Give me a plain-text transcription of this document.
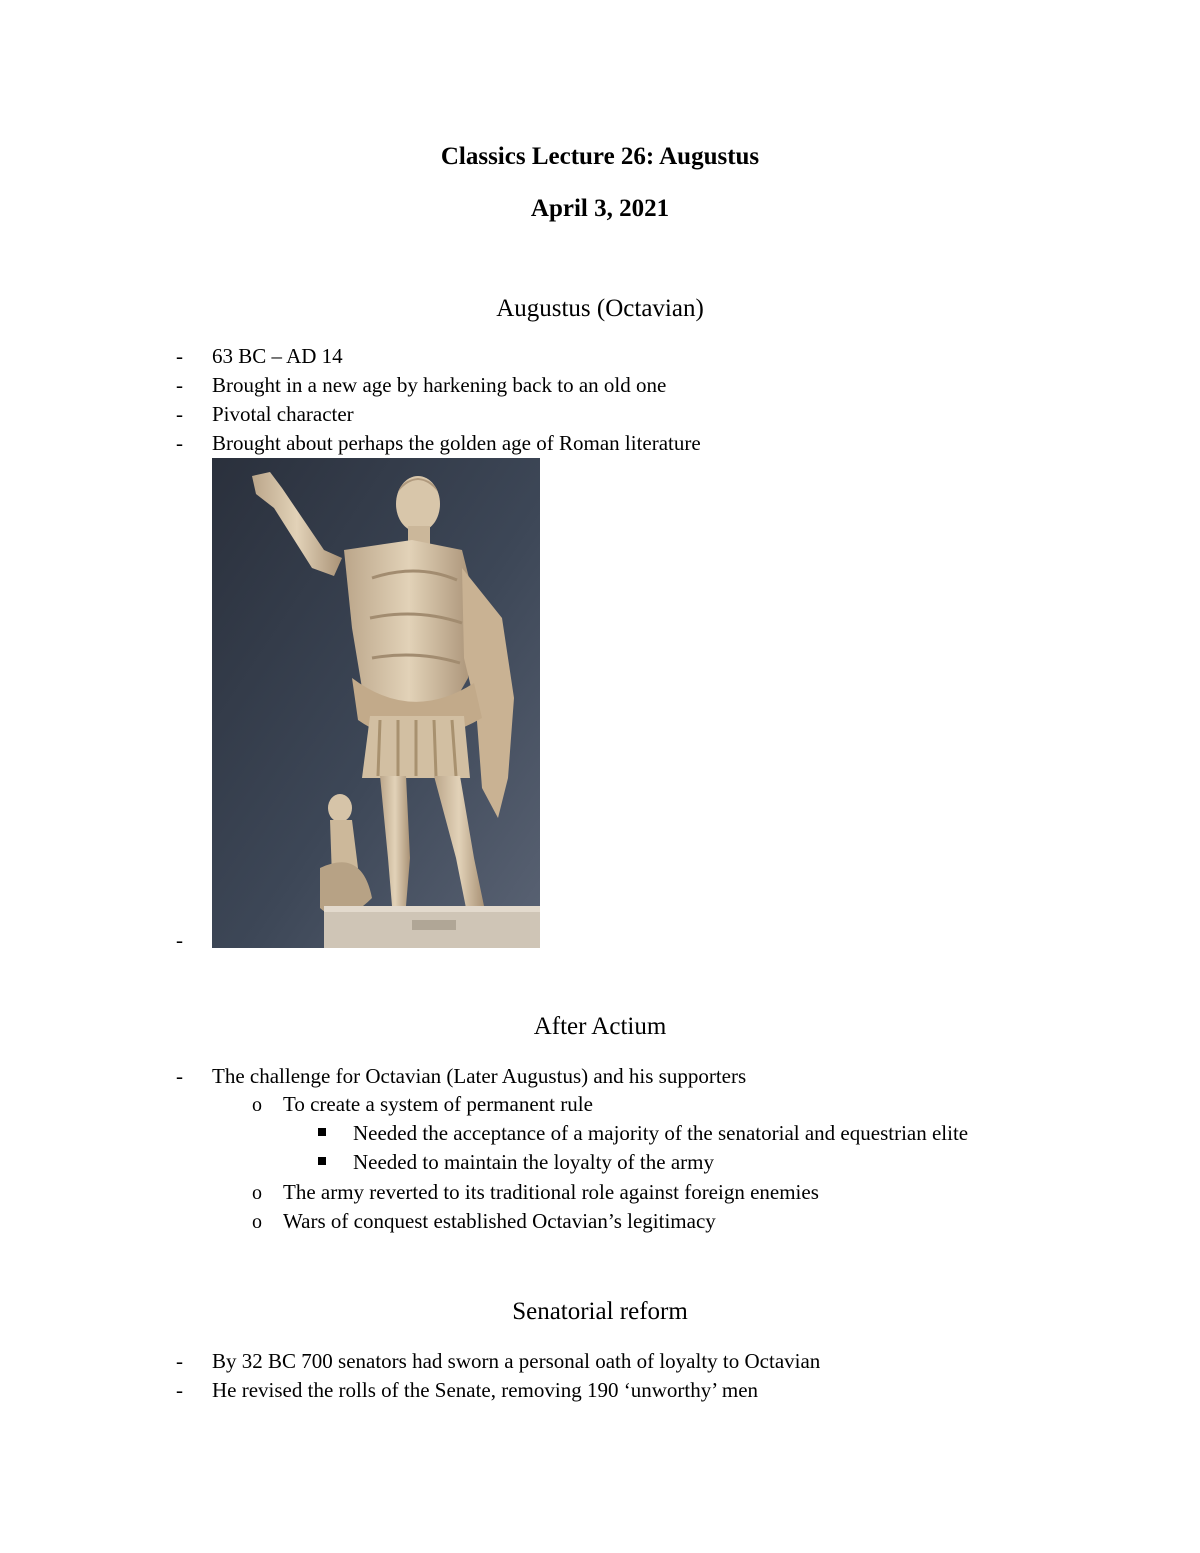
Classics Lecture 26: Augustus
April 3, 2021
Augustus (Octavian)
- 63 BC – AD 14
- Brought in a new age by harkening back to an old one
- Pivotal character
- Brought about perhaps the golden age of Roman literature
-
After Actium
- The challenge for Octavian (Later Augustus) and his supporters
o To create a system of permanent rule
Needed the acceptance of a majority of the senatorial and equestrian elite
Needed to maintain the loyalty of the army
o The army reverted to its traditional role against foreign enemies
o Wars of conquest established Octavian’s legitimacy
Senatorial reform
- By 32 BC 700 senators had sworn a personal oath of loyalty to Octavian
- He revised the rolls of the Senate, removing 190 ‘unworthy’ men
